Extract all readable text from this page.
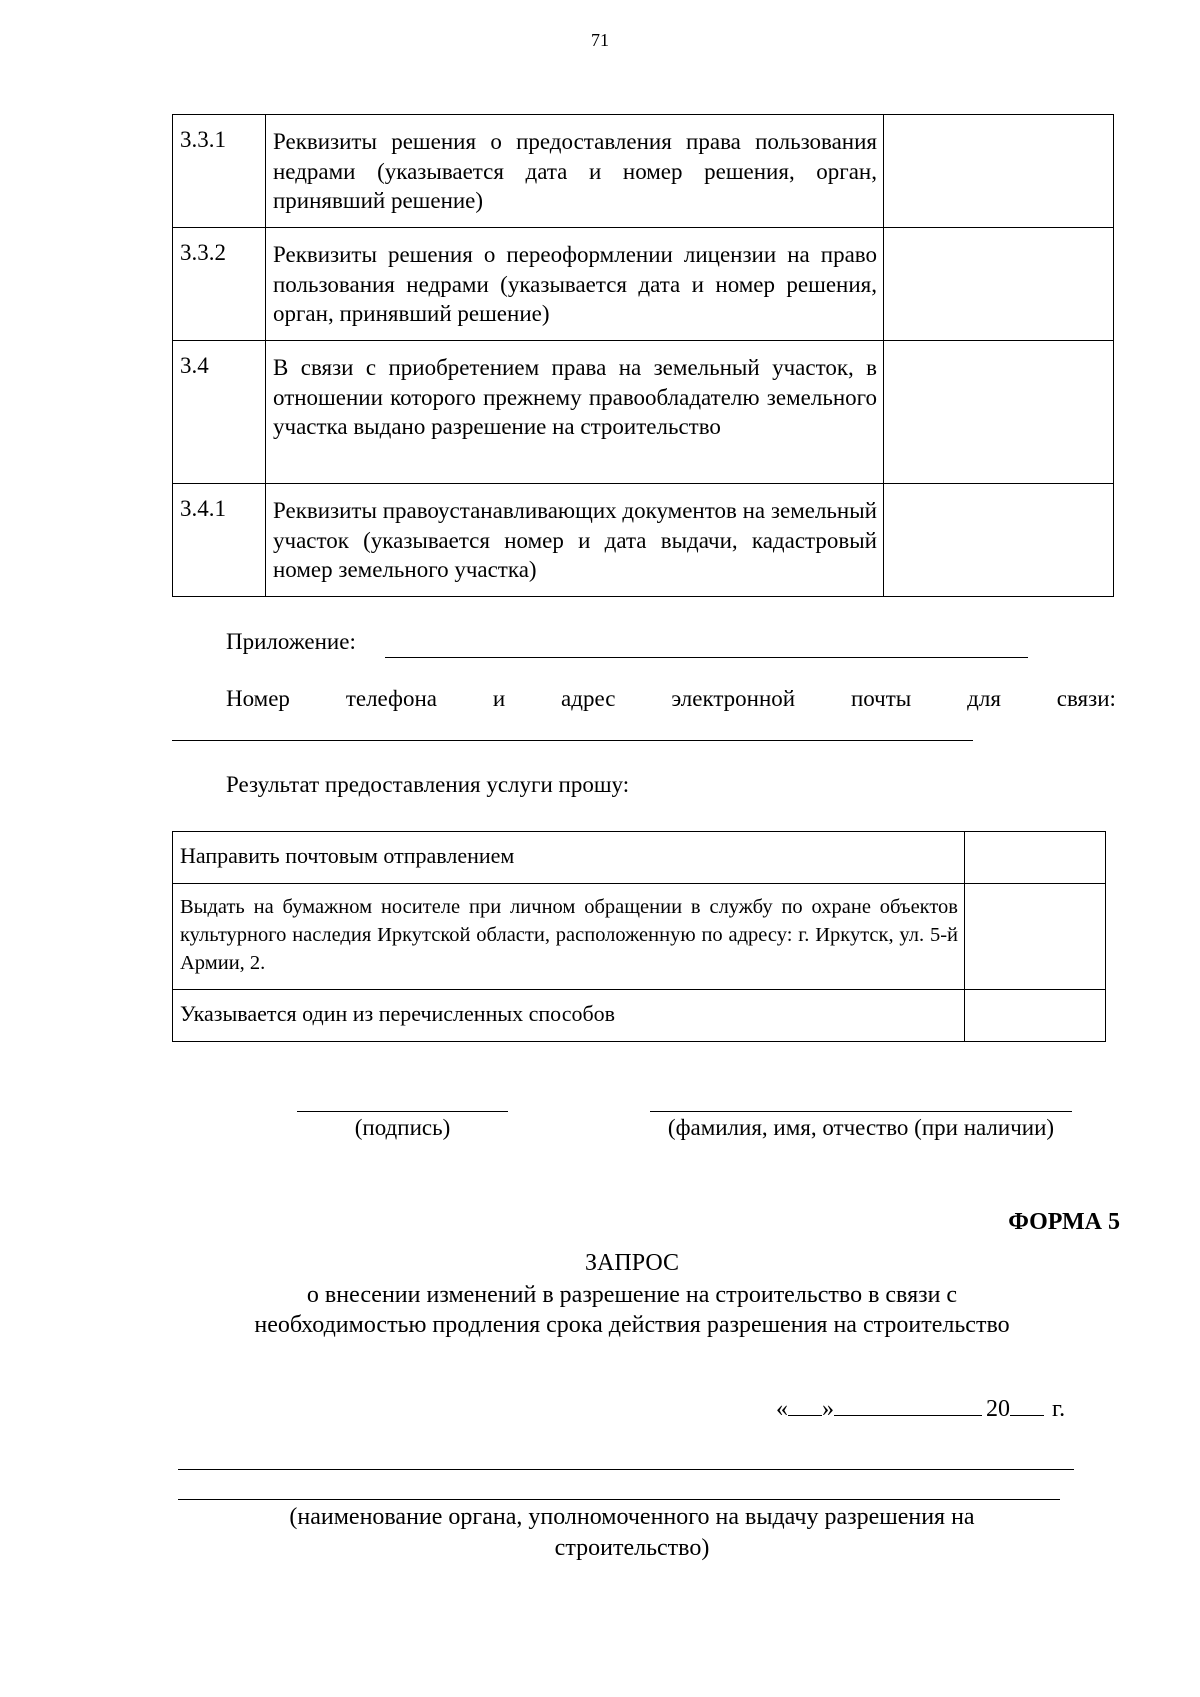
71
3.3.1	Реквизиты решения о предоставления права пользования недрами (указывается дата и номер решения, орган, принявший решение)	
3.3.2	Реквизиты решения о переоформлении лицензии на право пользования недрами (указывается дата и номер решения, орган, принявший решение)	
3.4	В связи с приобретением права на земельный участок, в отношении которого прежнему правообладателю земельного участка выдано разрешение на строительство	
3.4.1	Реквизиты правоустанавливающих документов на земельный участок (указывается номер и дата выдачи, кадастровый номер земельного участка)	
Приложение:
Номер телефона и адрес электронной почты для связи:
Результат предоставления услуги прошу:
Направить почтовым отправлением	
Выдать на бумажном носителе при личном обращении в службу по охране объектов культурного наследия Иркутской области, расположенную по адресу: г. Иркутск, ул. 5-й Армии, 2.	
Указывается один из перечисленных способов	
(подпись)	(фамилия, имя, отчество (при наличии)
ФОРМА 5
ЗАПРОС
о внесении изменений в разрешение на строительство в связи с
необходимостью продления срока действия разрешения на строительство
« »	20 г.
(наименование органа, уполномоченного на выдачу разрешения на
строительство)
